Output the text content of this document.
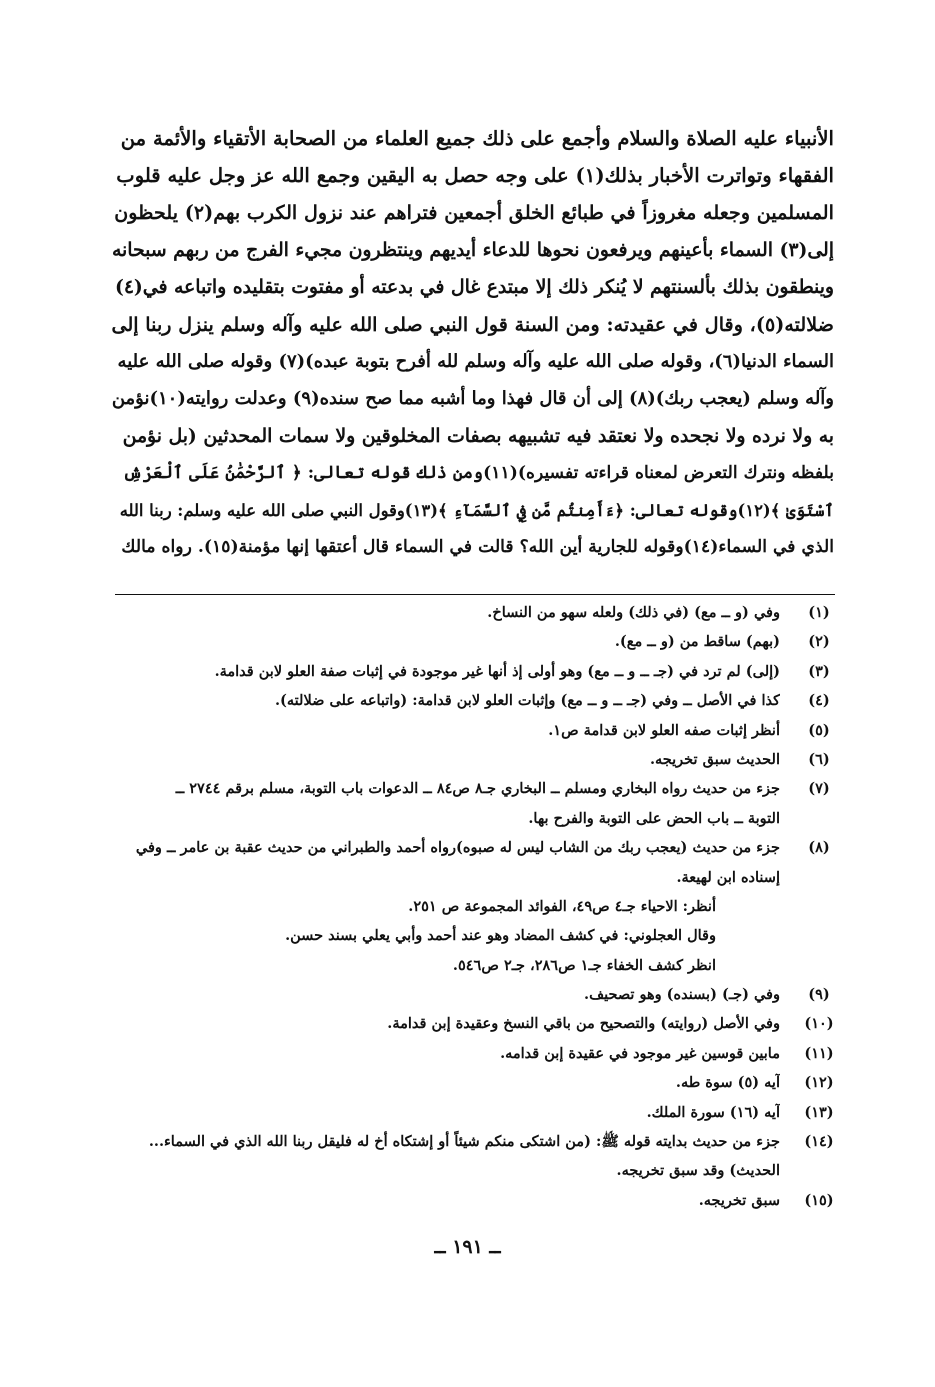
الأنبياء عليه الصلاة والسلام وأجمع على ذلك جميع العلماء من الصحابة الأتقياء والأئمة من
الفقهاء وتواترت الأخبار بذلك(١) على وجه حصل به اليقين وجمع الله عز وجل عليه قلوب
المسلمين وجعله مغروزاً في طبائع الخلق أجمعين فتراهم عند نزول الكرب بهم(٢) يلحظون
إلى(٣) السماء بأعينهم ويرفعون نحوها للدعاء أيديهم وينتظرون مجيء الفرج من ربهم سبحانه
وينطقون بذلك بألسنتهم لا يُنكر ذلك إلا مبتدع غال في بدعته أو مفتوت بتقليده واتباعه في(٤)
ضلالته(٥)، وقال في عقيدته: ومن السنة قول النبي صلى الله عليه وآله وسلم ينزل ربنا إلى
السماء الدنيا(٦)، وقوله صلى الله عليه وآله وسلم لله أفرح بتوبة عبده)(٧) وقوله صلى الله عليه
وآله وسلم (يعجب ربك)(٨) إلى أن قال فهذا وما أشبه مما صح سنده(٩) وعدلت روايته(١٠)نؤمن
به ولا نرده ولا نجحده ولا نعتقد فيه تشبيهه بصفات المخلوقين ولا سمات المحدثين (بل نؤمن
بلفظه ونترك التعرض لمعناه قراءته تفسيره)(١١)ومن ذلك قوله تعالى: ﴿ ٱلرَّحْمَٰنُ عَلَى ٱلْعَرْشِ
ٱسْتَوَىٰ ﴾(١٢)وقوله تعالى: ﴿ءَأَمِنتُم مَّن فِي ٱلسَّمَآءِ ﴾(١٣)وقول النبي صلى الله عليه وسلم: ربنا الله
الذي في السماء(١٤)وقوله للجارية أين الله؟ قالت في السماء قال أعتقها إنها مؤمنة(١٥). رواه مالك
(١)
وفي (و ــ مع) (في ذلك) ولعله سهو من النساخ.
(٢)
(بهم) ساقط من (و ــ مع).
(٣)
(إلى) لم ترد في (جـ ــ و ــ مع) وهو أولى إذ أنها غير موجودة في إثبات صفة العلو لابن قدامة.
(٤)
كذا في الأصل ــ وفي (جـ ــ و ــ مع) وإثبات العلو لابن قدامة: (واتباعه على ضلالته).
(٥)
أنظر إثبات صفه العلو لابن قدامة ص١.
(٦)
الحديث سبق تخريجه.
(٧)
جزء من حديث رواه البخاري ومسلم ــ البخاري جـ٨ ص٨٤ ــ الدعوات باب التوبة، مسلم برقم ٢٧٤٤ ــ
التوبة ــ باب الحض على التوبة والفرح بها.
(٨)
جزء من حديث (يعجب ربك من الشاب ليس له صبوه)رواه أحمد والطبراني من حديث عقبة بن عامر ــ وفي
إسناده ابن لهيعة.
أنظر: الاحياء جـ٤ ص٤٩، الفوائد المجموعة ص ٢٥١.
وقال العجلوني: في كشف المضاد وهو عند أحمد وأبي يعلي بسند حسن.
انظر كشف الخفاء جـ١ ص٢٨٦، جـ٢ ص٥٤٦.
(٩)
وفي (جـ) (بسنده) وهو تصحيف.
(١٠)
وفي الأصل (روايته) والتصحيح من باقي النسخ وعقيدة إبن قدامة.
(١١)
مابين قوسين غير موجود في عقيدة إبن قدامه.
(١٢)
آيه (٥) سوة طه.
(١٣)
آيه (١٦) سورة الملك.
(١٤)
جزء من حديث بدايته قوله ﷺ: (من اشتكى منكم شيئاً أو إشتكاه أخ له فليقل ربنا الله الذي في السماء...
الحديث) وقد سبق تخريجه.
(١٥)
سبق تخريجه.
ــ ١٩١ ــ
